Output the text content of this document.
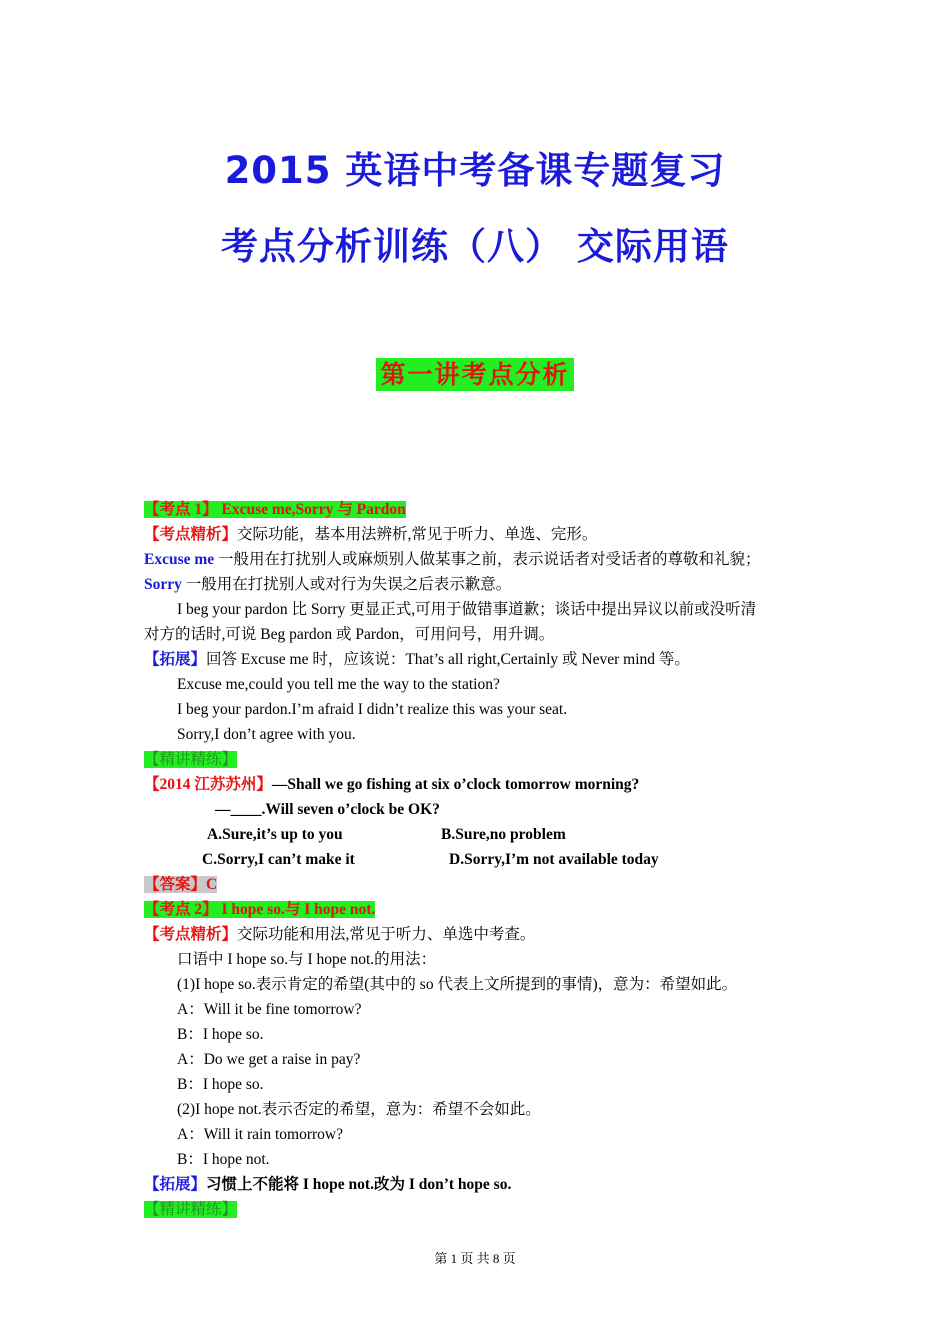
2015 英语中考备课专题复习
考点分析训练（八） 交际用语
第一讲考点分析
【考点 1】 Excuse me,Sorry 与 Pardon
【考点精析】交际功能，基本用法辨析,常见于听力、单选、完形。
Excuse me 一般用在打扰别人或麻烦别人做某事之前，表示说话者对受话者的尊敬和礼貌；
Sorry 一般用在打扰别人或对行为失误之后表示歉意。
I beg your pardon 比 Sorry 更显正式,可用于做错事道歉；谈话中提出异议以前或没听清
对方的话时,可说 Beg pardon 或 Pardon，可用问号，用升调。
【拓展】回答 Excuse me 时，应该说：That’s all right,Certainly 或 Never mind 等。
Excuse me,could you tell me the way to the station?
I beg your pardon.I’m afraid I didn’t realize this was your seat.
Sorry,I don’t agree with you.
【精讲精练】
【2014 江苏苏州】—Shall we go fishing at six o’clock tomorrow morning?
—____.Will seven o’clock be OK?
A.Sure,it’s up to you	B.Sure,no problem
C.Sorry,I can’t make it	D.Sorry,I’m not available today
【答案】C
【考点 2】 I hope so.与 I hope not.
【考点精析】交际功能和用法,常见于听力、单选中考查。
口语中 I hope so.与 I hope not.的用法：
(1)I hope so.表示肯定的希望(其中的 so 代表上文所提到的事情)，意为：希望如此。
A：Will it be fine tomorrow?
B：I hope so.
A：Do we get a raise in pay?
B：I hope so.
(2)I hope not.表示否定的希望，意为：希望不会如此。
A：Will it rain tomorrow?
B：I hope not.
【拓展】习惯上不能将 I hope not.改为 I don’t hope so.
【精讲精练】
第 1 页 共 8 页
